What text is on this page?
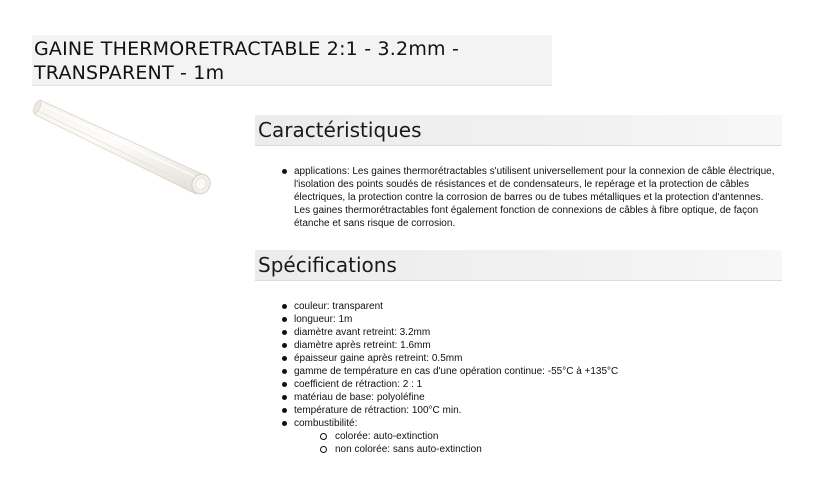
GAINE THERMORETRACTABLE 2:1 - 3.2mm -
TRANSPARENT - 1m
Caractéristiques
applications: Les gaines thermorétractables s'utilisent universellement pour la connexion de câble électrique, l'isolation des points soudés de résistances et de condensateurs, le repérage et la protection de câbles électriques, la protection contre la corrosion de barres ou de tubes métalliques et la protection d'antennes. Les gaines thermorétractables font également fonction de connexions de câbles à fibre optique, de façon étanche et sans risque de corrosion.
Spécifications
couleur: transparent
longueur: 1m
diamètre avant retreint: 3.2mm
diamètre après retreint: 1.6mm
épaisseur gaine après retreint: 0.5mm
gamme de température en cas d'une opération continue: -55°C à +135°C
coefficient de rétraction: 2 : 1
matériau de base: polyoléfine
température de rétraction: 100°C min.
combustibilité:
colorée: auto-extinction
non colorée: sans auto-extinction
